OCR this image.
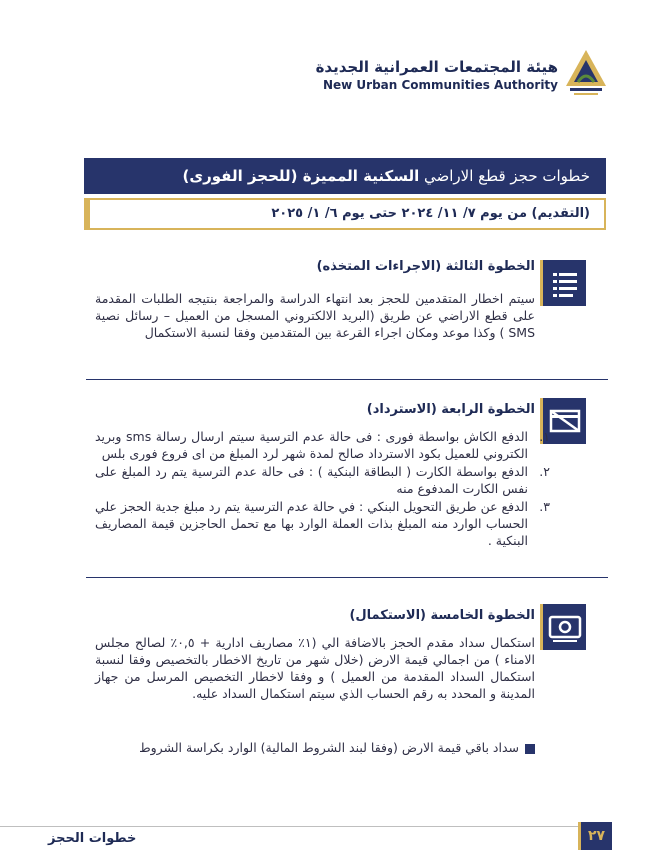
هيئة المجتمعات العمرانية الجديدة
New Urban Communities Authority
خطوات حجز قطع الاراضي السكنية المميزة (للحجز الفورى)
(التقديم) من يوم ٧/ ١١/ ٢٠٢٤ حتى يوم ٦/ ١/ ٢٠٢٥
الخطوة الثالثة (الاجراءات المتخذه)
سيتم اخطار المتقدمين للحجز بعد انتهاء الدراسة والمراجعة بنتيجه الطلبات المقدمة على قطع الاراضي عن طريق (البريد الالكتروني المسجل من العميل – رسائل نصية SMS ) وكذا موعد ومكان اجراء القرعة بين المتقدمين وفقا لنسبة الاستكمال
الخطوة الرابعة (الاسترداد)
١.
الدفع الكاش بواسطة فورى : فى حالة عدم الترسية سيتم ارسال رسالة sms وبريد الكتروني للعميل بكود الاسترداد صالح لمدة شهر لرد المبلغ من اى فروع فورى بلس
٢.
الدفع بواسطة الكارت ( البطاقة البنكية ) : فى حالة عدم الترسية يتم رد المبلغ على نفس الكارت المدفوع منه
٣.
الدفع عن طريق التحويل البنكي : في حالة عدم الترسية يتم رد مبلغ جدية الحجز علي الحساب الوارد منه المبلغ بذات العملة الوارد بها مع تحمل الحاجزين قيمة المصاريف البنكية .
الخطوة الخامسة (الاستكمال)
استكمال سداد مقدم الحجز بالاضافة الي (١٪ مصاريف ادارية + ٠,٥٪ لصالح مجلس الامناء ) من اجمالي قيمة الارض (خلال شهر من تاريخ الاخطار بالتخصيص وفقا لنسبة استكمال السداد المقدمة من العميل ) و وفقا لاخطار التخصيص المرسل من جهاز المدينة و المحدد به رقم الحساب الذي سيتم استكمال السداد عليه.
سداد باقي قيمة الارض (وفقا لبند الشروط المالية) الوارد بكراسة الشروط
خطوات الحجز	٢٧
